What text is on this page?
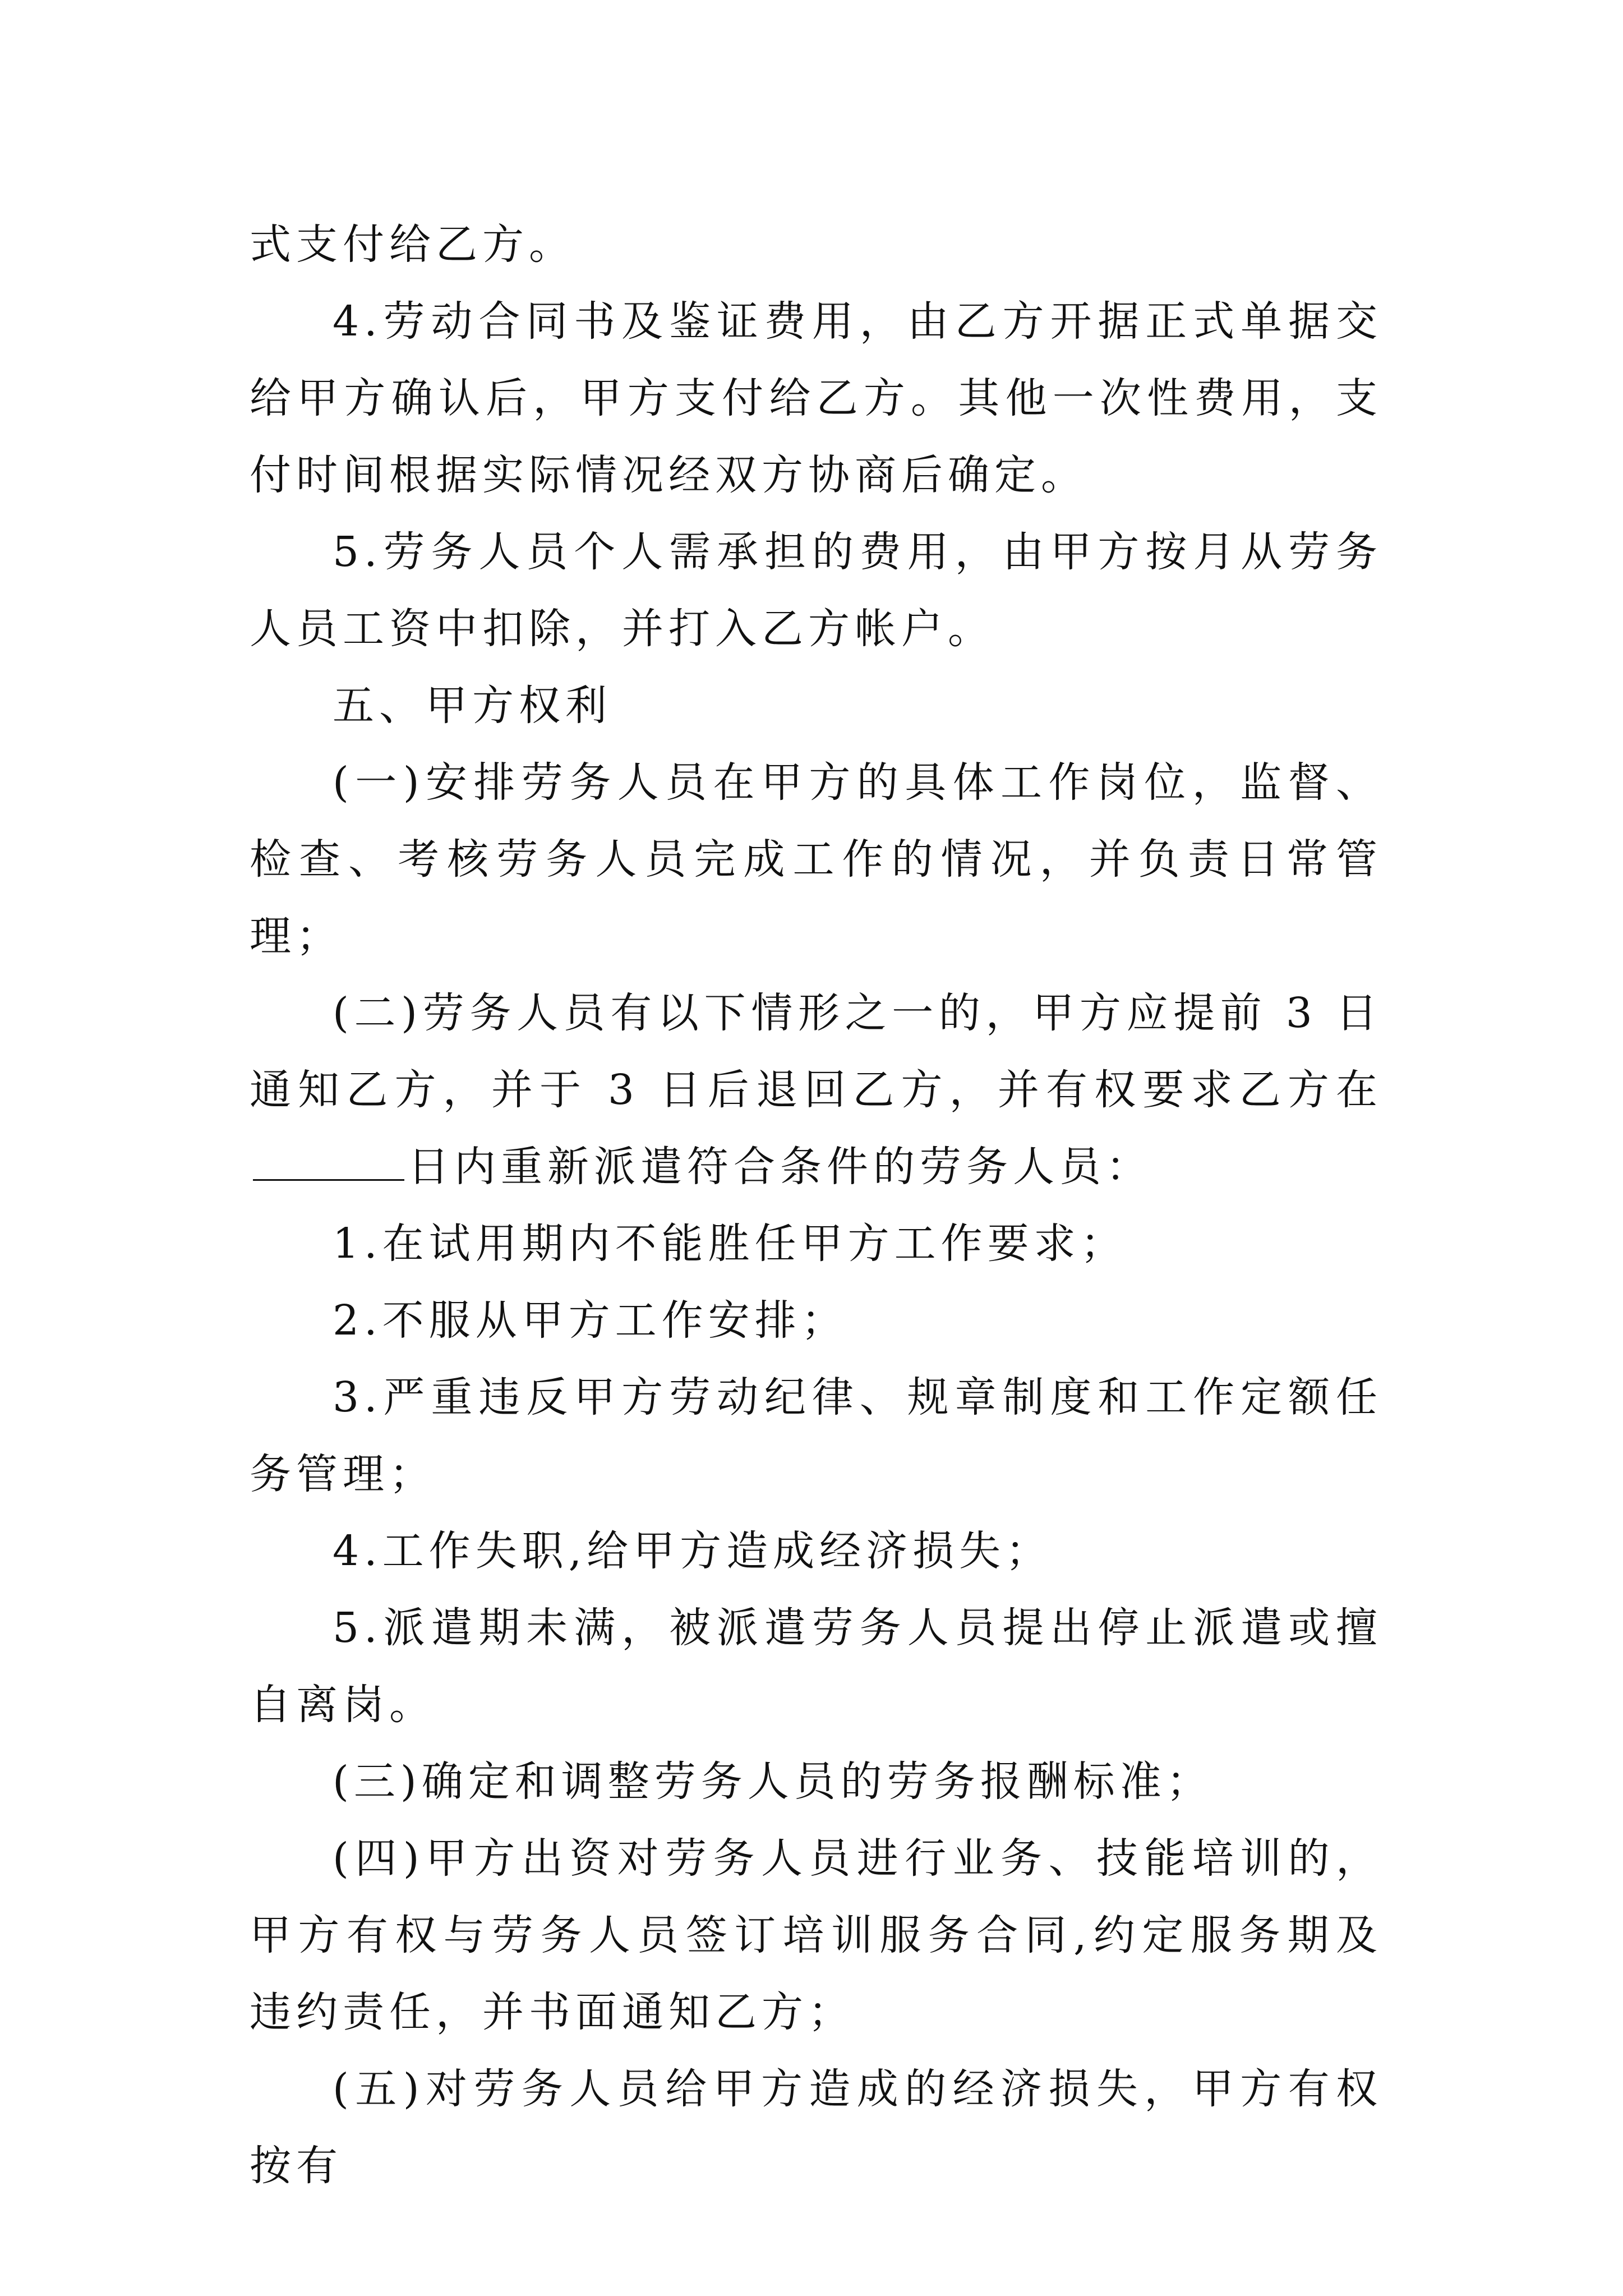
式支付给乙方。

4.劳动合同书及鉴证费用，由乙方开据正式单据交给甲方确认后，甲方支付给乙方。其他一次性费用，支付时间根据实际情况经双方协商后确定。

5.劳务人员个人需承担的费用，由甲方按月从劳务人员工资中扣除，并打入乙方帐户。

五、甲方权利

(一)安排劳务人员在甲方的具体工作岗位，监督、检查、考核劳务人员完成工作的情况，并负责日常管理；

(二)劳务人员有以下情形之一的，甲方应提前 3 日通知乙方，并于 3 日后退回乙方，并有权要求乙方在日内重新派遣符合条件的劳务人员：

1.在试用期内不能胜任甲方工作要求；

2.不服从甲方工作安排；

3.严重违反甲方劳动纪律、规章制度和工作定额任务管理；

4.工作失职,给甲方造成经济损失；

5.派遣期未满，被派遣劳务人员提出停止派遣或擅自离岗。

(三)确定和调整劳务人员的劳务报酬标准；

(四)甲方出资对劳务人员进行业务、技能培训的，甲方有权与劳务人员签订培训服务合同,约定服务期及违约责任，并书面通知乙方；

(五)对劳务人员给甲方造成的经济损失，甲方有权按有
